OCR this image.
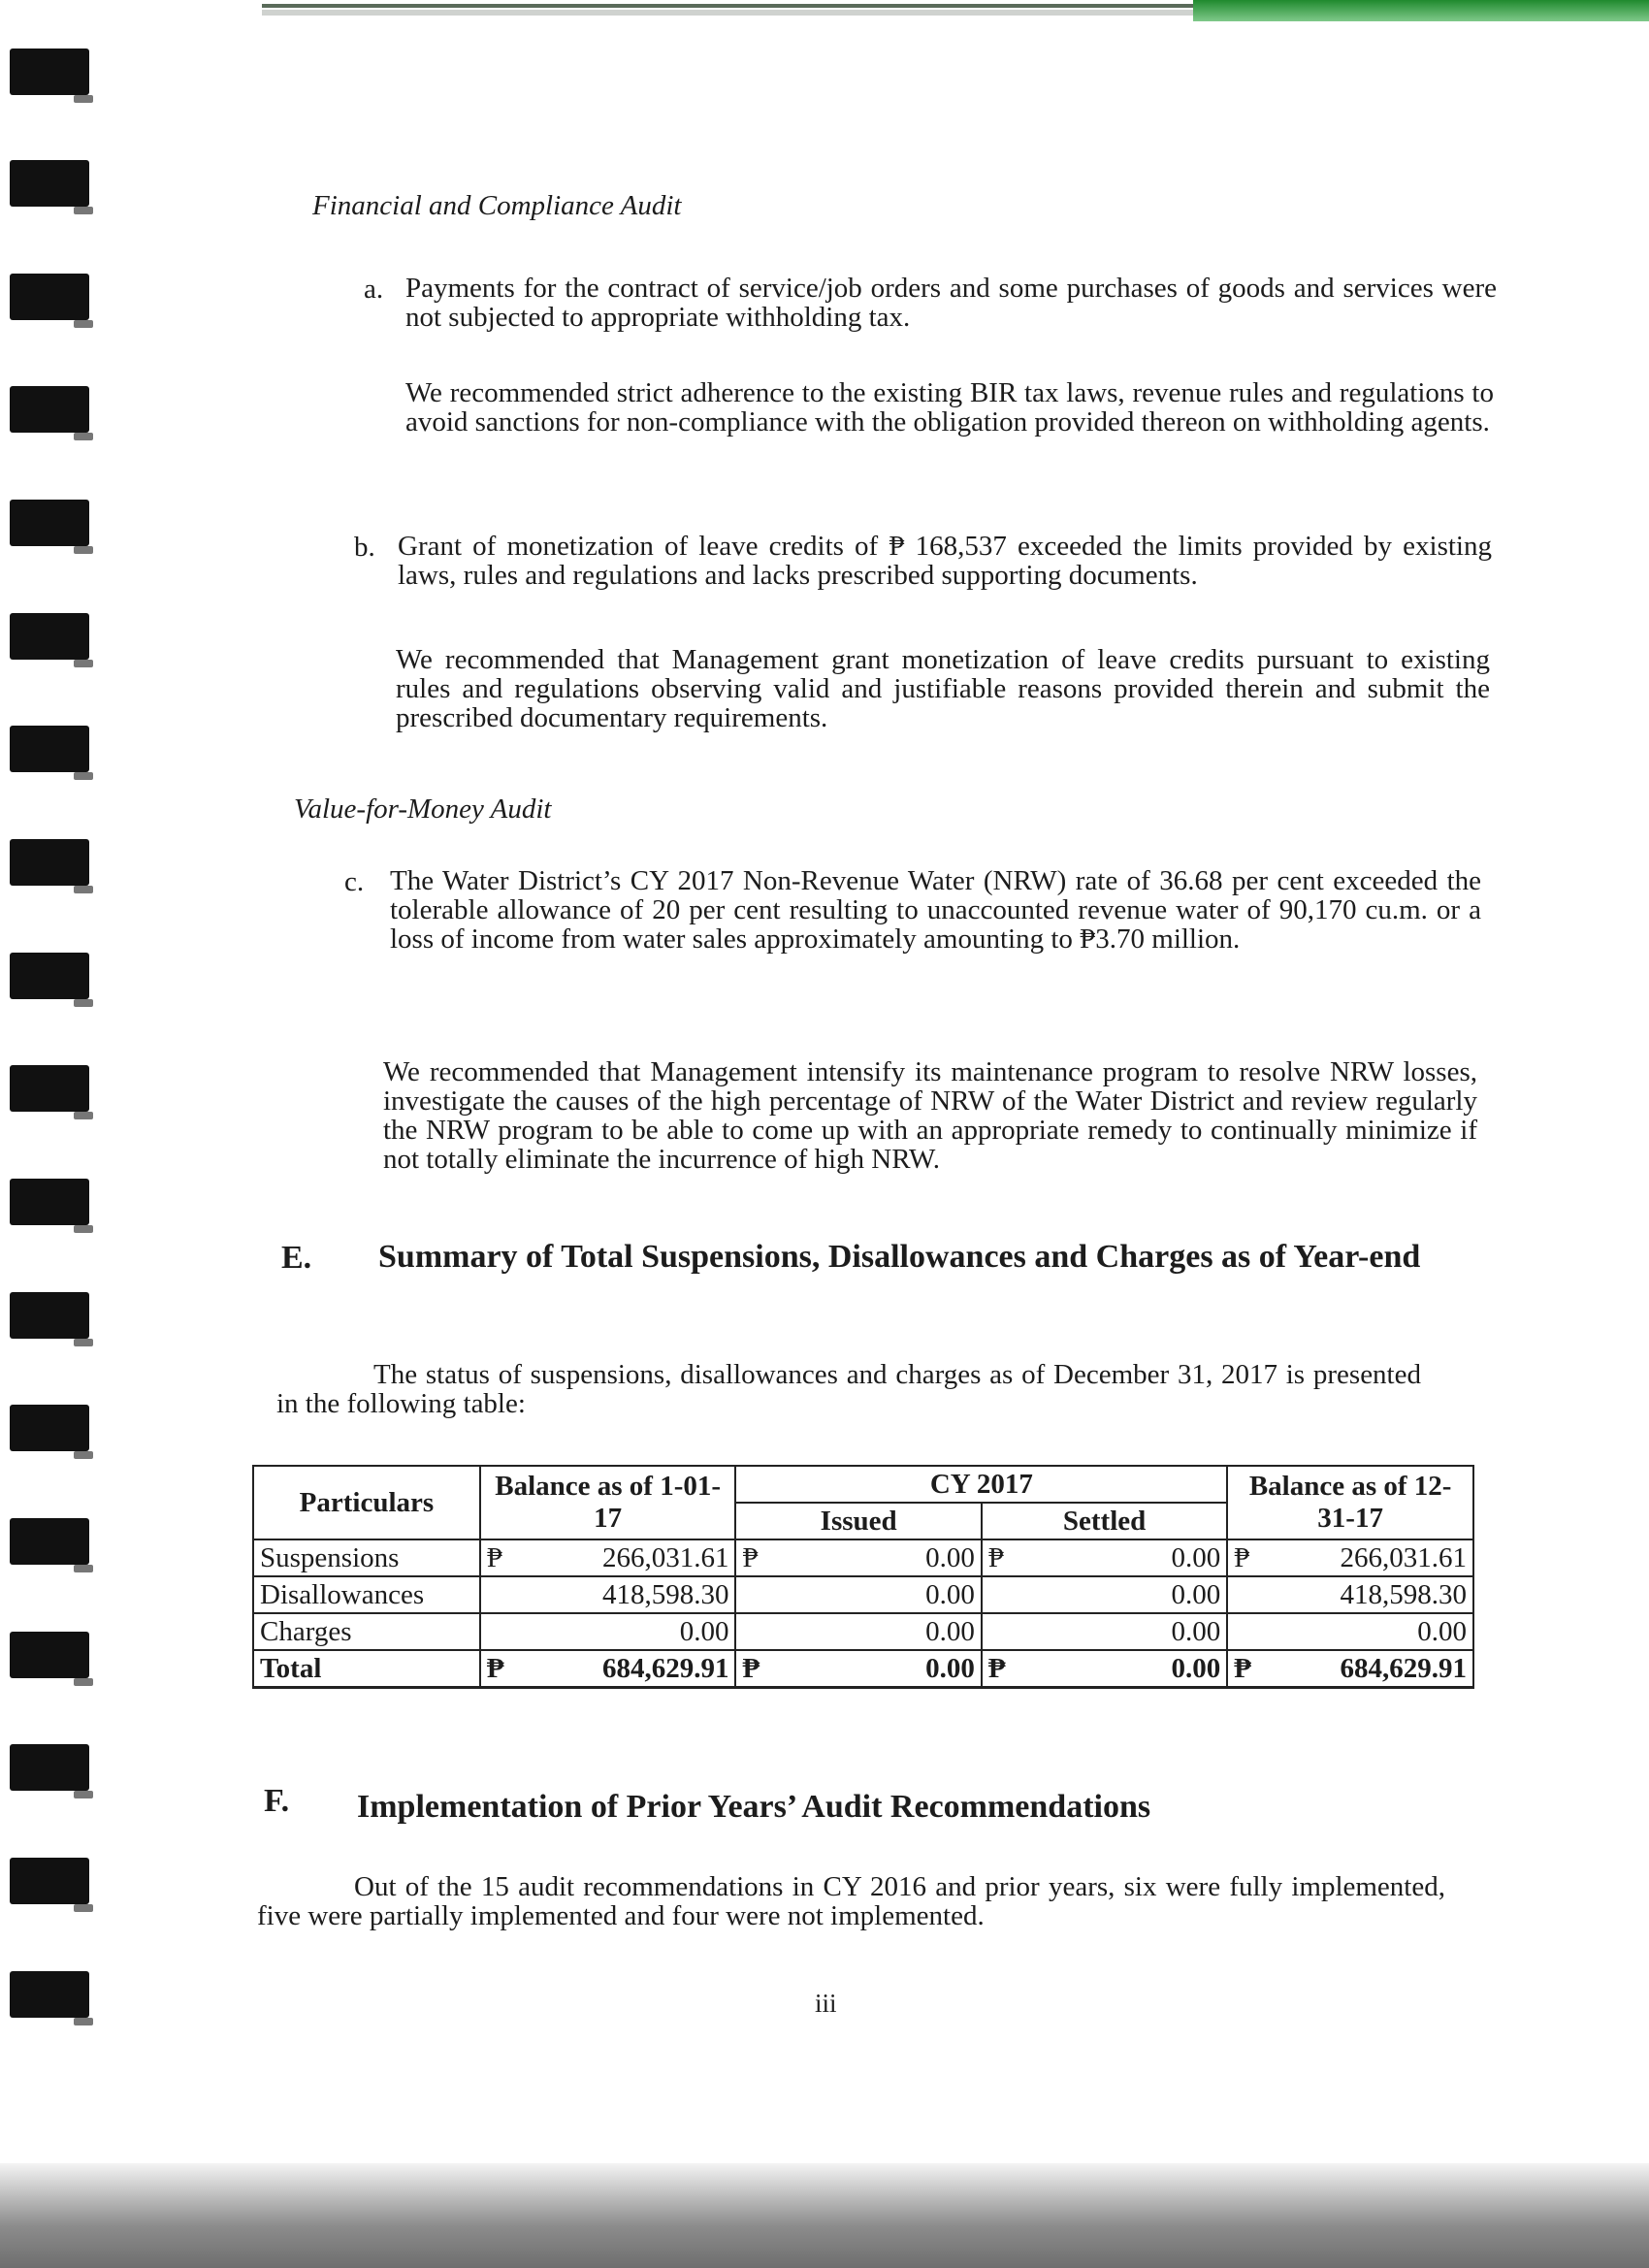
Financial and Compliance Audit
a. Payments for the contract of service/job orders and some purchases of goods and services were not subjected to appropriate withholding tax.
We recommended strict adherence to the existing BIR tax laws, revenue rules and regulations to avoid sanctions for non-compliance with the obligation provided thereon on withholding agents.
b. Grant of monetization of leave credits of ₱ 168,537 exceeded the limits provided by existing laws, rules and regulations and lacks prescribed supporting documents.
We recommended that Management grant monetization of leave credits pursuant to existing rules and regulations observing valid and justifiable reasons provided therein and submit the prescribed documentary requirements.
Value-for-Money Audit
c. The Water District’s CY 2017 Non-Revenue Water (NRW) rate of 36.68 per cent exceeded the tolerable allowance of 20 per cent resulting to unaccounted revenue water of 90,170 cu.m. or a loss of income from water sales approximately amounting to ₱3.70 million.
We recommended that Management intensify its maintenance program to resolve NRW losses, investigate the causes of the high percentage of NRW of the Water District and review regularly the NRW program to be able to come up with an appropriate remedy to continually minimize if not totally eliminate the incurrence of high NRW.
E. Summary of Total Suspensions, Disallowances and Charges as of Year-end
The status of suspensions, disallowances and charges as of December 31, 2017 is presented in the following table:
Particulars	Balance as of 1-01-17	CY 2017		Balance as of 12-31-17
		Issued	Settled	
Suspensions	₱ 266,031.61	₱ 0.00	₱ 0.00	₱ 266,031.61

Disallowances	418,598.30	0.00	0.00	418,598.30
Charges	0.00	0.00	0.00	0.00
Total	₱ 684,629.91	₱ 0.00	₱ 0.00	₱ 684,629.91
F. Implementation of Prior Years’ Audit Recommendations
Out of the 15 audit recommendations in CY 2016 and prior years, six were fully implemented, five were partially implemented and four were not implemented.
iii
